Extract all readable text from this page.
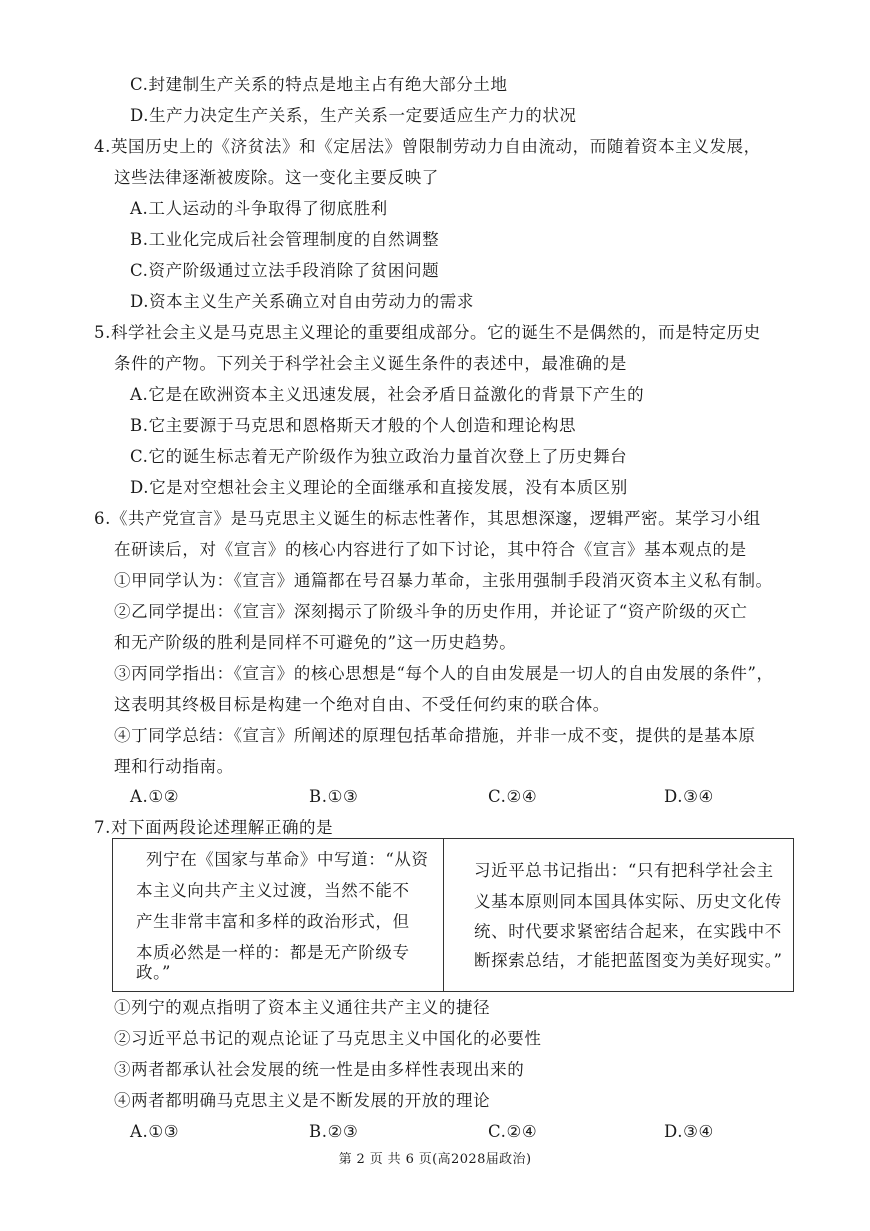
C.封建制生产关系的特点是地主占有绝大部分土地
D.生产力决定生产关系，生产关系一定要适应生产力的状况
4.英国历史上的《济贫法》和《定居法》曾限制劳动力自由流动，而随着资本主义发展，
这些法律逐渐被废除。这一变化主要反映了
A.工人运动的斗争取得了彻底胜利
B.工业化完成后社会管理制度的自然调整
C.资产阶级通过立法手段消除了贫困问题
D.资本主义生产关系确立对自由劳动力的需求
5.科学社会主义是马克思主义理论的重要组成部分。它的诞生不是偶然的，而是特定历史
条件的产物。下列关于科学社会主义诞生条件的表述中，最准确的是
A.它是在欧洲资本主义迅速发展，社会矛盾日益激化的背景下产生的
B.它主要源于马克思和恩格斯天才般的个人创造和理论构思
C.它的诞生标志着无产阶级作为独立政治力量首次登上了历史舞台
D.它是对空想社会主义理论的全面继承和直接发展，没有本质区别
6.《共产党宣言》是马克思主义诞生的标志性著作，其思想深邃，逻辑严密。某学习小组
在研读后，对《宣言》的核心内容进行了如下讨论，其中符合《宣言》基本观点的是
①甲同学认为：《宣言》通篇都在号召暴力革命，主张用强制手段消灭资本主义私有制。
②乙同学提出：《宣言》深刻揭示了阶级斗争的历史作用，并论证了“资产阶级的灭亡
和无产阶级的胜利是同样不可避免的”这一历史趋势。
③丙同学指出：《宣言》的核心思想是“每个人的自由发展是一切人的自由发展的条件”，
这表明其终极目标是构建一个绝对自由、不受任何约束的联合体。
④丁同学总结：《宣言》所阐述的原理包括革命措施，并非一成不变，提供的是基本原
理和行动指南。
A.①②	B.①③	C.②④	D.③④
7.对下面两段论述理解正确的是
列宁在《国家与革命》中写道：“从资
本主义向共产主义过渡，当然不能不
产生非常丰富和多样的政治形式，但
本质必然是一样的：都是无产阶级专
政。”
习近平总书记指出：“只有把科学社会主
义基本原则同本国具体实际、历史文化传
统、时代要求紧密结合起来，在实践中不
断探索总结，才能把蓝图变为美好现实。”
①列宁的观点指明了资本主义通往共产主义的捷径
②习近平总书记的观点论证了马克思主义中国化的必要性
③两者都承认社会发展的统一性是由多样性表现出来的
④两者都明确马克思主义是不断发展的开放的理论
A.①③	B.②③	C.②④	D.③④
第 2 页 共 6 页(高2028届政治)
